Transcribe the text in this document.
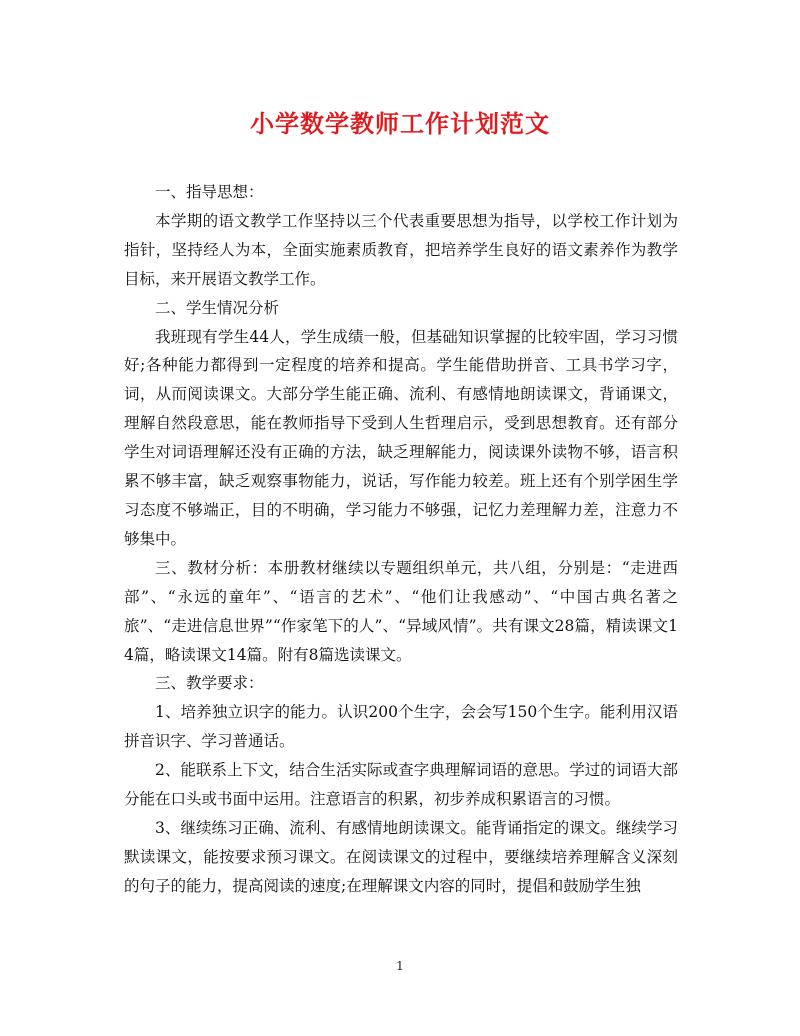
小学数学教师工作计划范文

一、指导思想：

本学期的语文教学工作坚持以三个代表重要思想为指导，以学校工作计划为指针，坚持经人为本，全面实施素质教育，把培养学生良好的语文素养作为教学目标，来开展语文教学工作。

二、学生情况分析

我班现有学生44人，学生成绩一般，但基础知识掌握的比较牢固，学习习惯好;各种能力都得到一定程度的培养和提高。学生能借助拼音、工具书学习字，词，从而阅读课文。大部分学生能正确、流利、有感情地朗读课文，背诵课文，理解自然段意思，能在教师指导下受到人生哲理启示，受到思想教育。还有部分学生对词语理解还没有正确的方法，缺乏理解能力，阅读课外读物不够，语言积累不够丰富，缺乏观察事物能力，说话，写作能力较差。班上还有个别学困生学习态度不够端正，目的不明确，学习能力不够强，记忆力差理解力差，注意力不够集中。

三、教材分析：本册教材继续以专题组织单元，共八组，分别是：“走进西部”、“永远的童年”、“语言的艺术”、“他们让我感动”、“中国古典名著之旅”、“走进信息世界”“作家笔下的人”、“异域风情”。共有课文28篇，精读课文14篇，略读课文14篇。附有8篇选读课文。

三、教学要求：

1、培养独立识字的能力。认识200个生字，会会写150个生字。能利用汉语拼音识字、学习普通话。

2、能联系上下文，结合生活实际或查字典理解词语的意思。学过的词语大部分能在口头或书面中运用。注意语言的积累，初步养成积累语言的习惯。

3、继续练习正确、流利、有感情地朗读课文。能背诵指定的课文。继续学习默读课文，能按要求预习课文。在阅读课文的过程中，要继续培养理解含义深刻的句子的能力，提高阅读的速度;在理解课文内容的同时，提倡和鼓励学生独

1
